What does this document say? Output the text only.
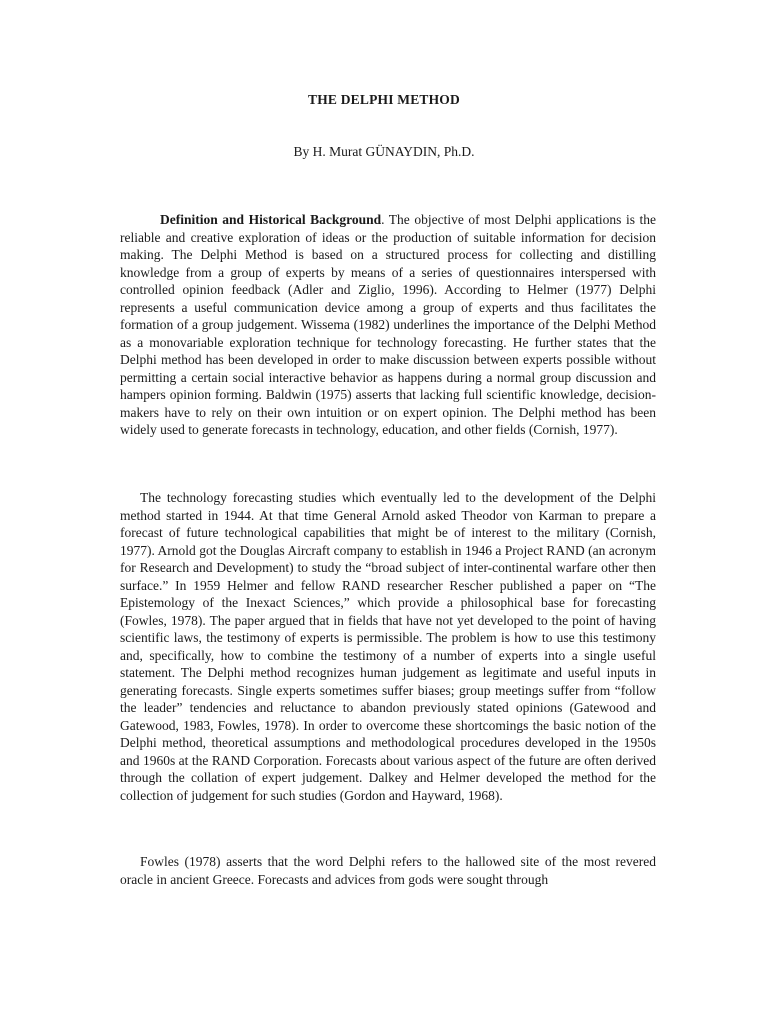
THE DELPHI METHOD
By H. Murat GÜNAYDIN, Ph.D.

Definition and Historical Background. The objective of most Delphi applications is the reliable and creative exploration of ideas or the production of suitable information for decision making. The Delphi Method is based on a structured process for collecting and distilling knowledge from a group of experts by means of a series of questionnaires interspersed with controlled opinion feedback (Adler and Ziglio, 1996). According to Helmer (1977) Delphi represents a useful communication device among a group of experts and thus facilitates the formation of a group judgement. Wissema (1982) underlines the importance of the Delphi Method as a monovariable exploration technique for technology forecasting. He further states that the Delphi method has been developed in order to make discussion between experts possible without permitting a certain social interactive behavior as happens during a normal group discussion and hampers opinion forming. Baldwin (1975) asserts that lacking full scientific knowledge, decision-makers have to rely on their own intuition or on expert opinion. The Delphi method has been widely used to generate forecasts in technology, education, and other fields (Cornish, 1977).

The technology forecasting studies which eventually led to the development of the Delphi method started in 1944. At that time General Arnold asked Theodor von Karman to prepare a forecast of future technological capabilities that might be of interest to the military (Cornish, 1977). Arnold got the Douglas Aircraft company to establish in 1946 a Project RAND (an acronym for Research and Development) to study the “broad subject of inter-continental warfare other then surface.” In 1959 Helmer and fellow RAND researcher Rescher published a paper on “The Epistemology of the Inexact Sciences,” which provide a philosophical base for forecasting (Fowles, 1978). The paper argued that in fields that have not yet developed to the point of having scientific laws, the testimony of experts is permissible. The problem is how to use this testimony and, specifically, how to combine the testimony of a number of experts into a single useful statement. The Delphi method recognizes human judgement as legitimate and useful inputs in generating forecasts. Single experts sometimes suffer biases; group meetings suffer from “follow the leader” tendencies and reluctance to abandon previously stated opinions (Gatewood and Gatewood, 1983, Fowles, 1978). In order to overcome these shortcomings the basic notion of the Delphi method, theoretical assumptions and methodological procedures developed in the 1950s and 1960s at the RAND Corporation. Forecasts about various aspect of the future are often derived through the collation of expert judgement. Dalkey and Helmer developed the method for the collection of judgement for such studies (Gordon and Hayward, 1968).

Fowles (1978) asserts that the word Delphi refers to the hallowed site of the most revered oracle in ancient Greece. Forecasts and advices from gods were sought through
